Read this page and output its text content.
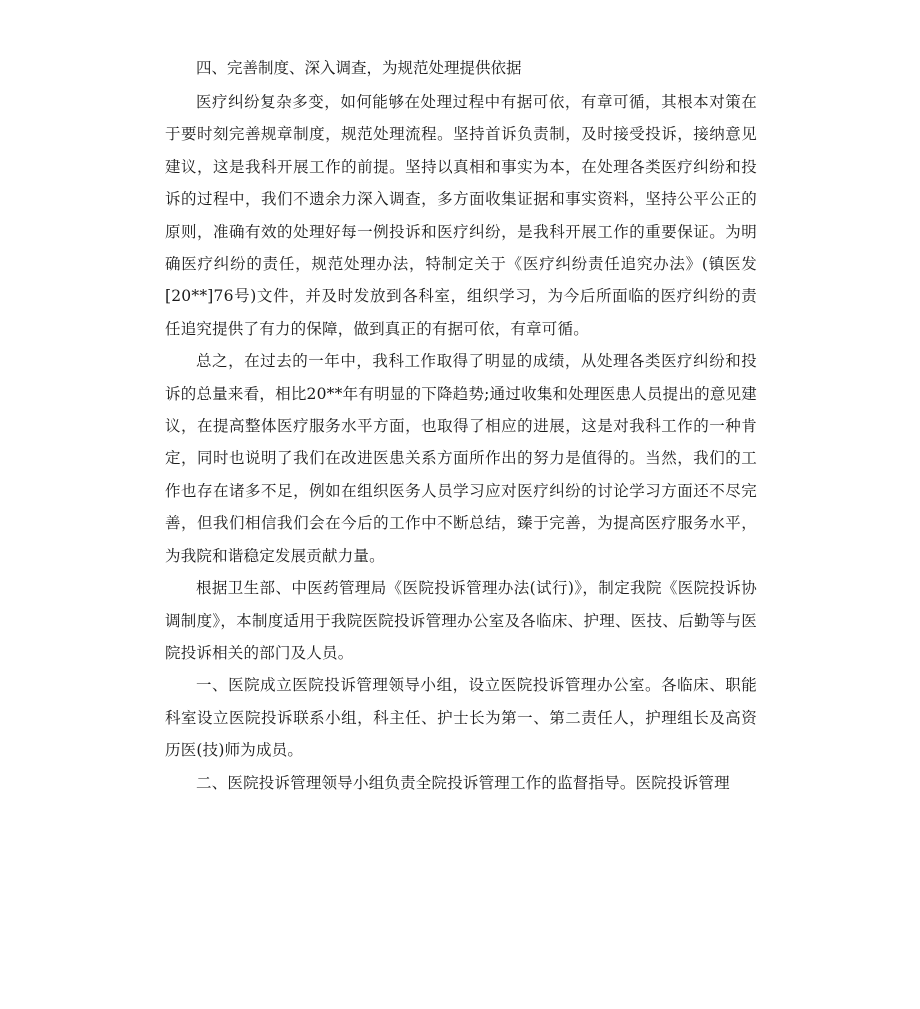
四、完善制度、深入调查，为规范处理提供依据

医疗纠纷复杂多变，如何能够在处理过程中有据可依，有章可循，其根本对策在于要时刻完善规章制度，规范处理流程。坚持首诉负责制，及时接受投诉，接纳意见建议，这是我科开展工作的前提。坚持以真相和事实为本，在处理各类医疗纠纷和投诉的过程中，我们不遗余力深入调查，多方面收集证据和事实资料，坚持公平公正的原则，准确有效的处理好每一例投诉和医疗纠纷，是我科开展工作的重要保证。为明确医疗纠纷的责任，规范处理办法，特制定关于《医疗纠纷责任追究办法》(镇医发[20**]76号)文件，并及时发放到各科室，组织学习，为今后所面临的医疗纠纷的责任追究提供了有力的保障，做到真正的有据可依，有章可循。

总之，在过去的一年中，我科工作取得了明显的成绩，从处理各类医疗纠纷和投诉的总量来看，相比20**年有明显的下降趋势;通过收集和处理医患人员提出的意见建议，在提高整体医疗服务水平方面，也取得了相应的进展，这是对我科工作的一种肯定，同时也说明了我们在改进医患关系方面所作出的努力是值得的。当然，我们的工作也存在诸多不足，例如在组织医务人员学习应对医疗纠纷的讨论学习方面还不尽完善，但我们相信我们会在今后的工作中不断总结，臻于完善，为提高医疗服务水平，为我院和谐稳定发展贡献力量。

根据卫生部、中医药管理局《医院投诉管理办法(试行)》，制定我院《医院投诉协调制度》，本制度适用于我院医院投诉管理办公室及各临床、护理、医技、后勤等与医院投诉相关的部门及人员。

一、医院成立医院投诉管理领导小组，设立医院投诉管理办公室。各临床、职能科室设立医院投诉联系小组，科主任、护士长为第一、第二责任人，护理组长及高资历医(技)师为成员。

二、医院投诉管理领导小组负责全院投诉管理工作的监督指导。医院投诉管理
